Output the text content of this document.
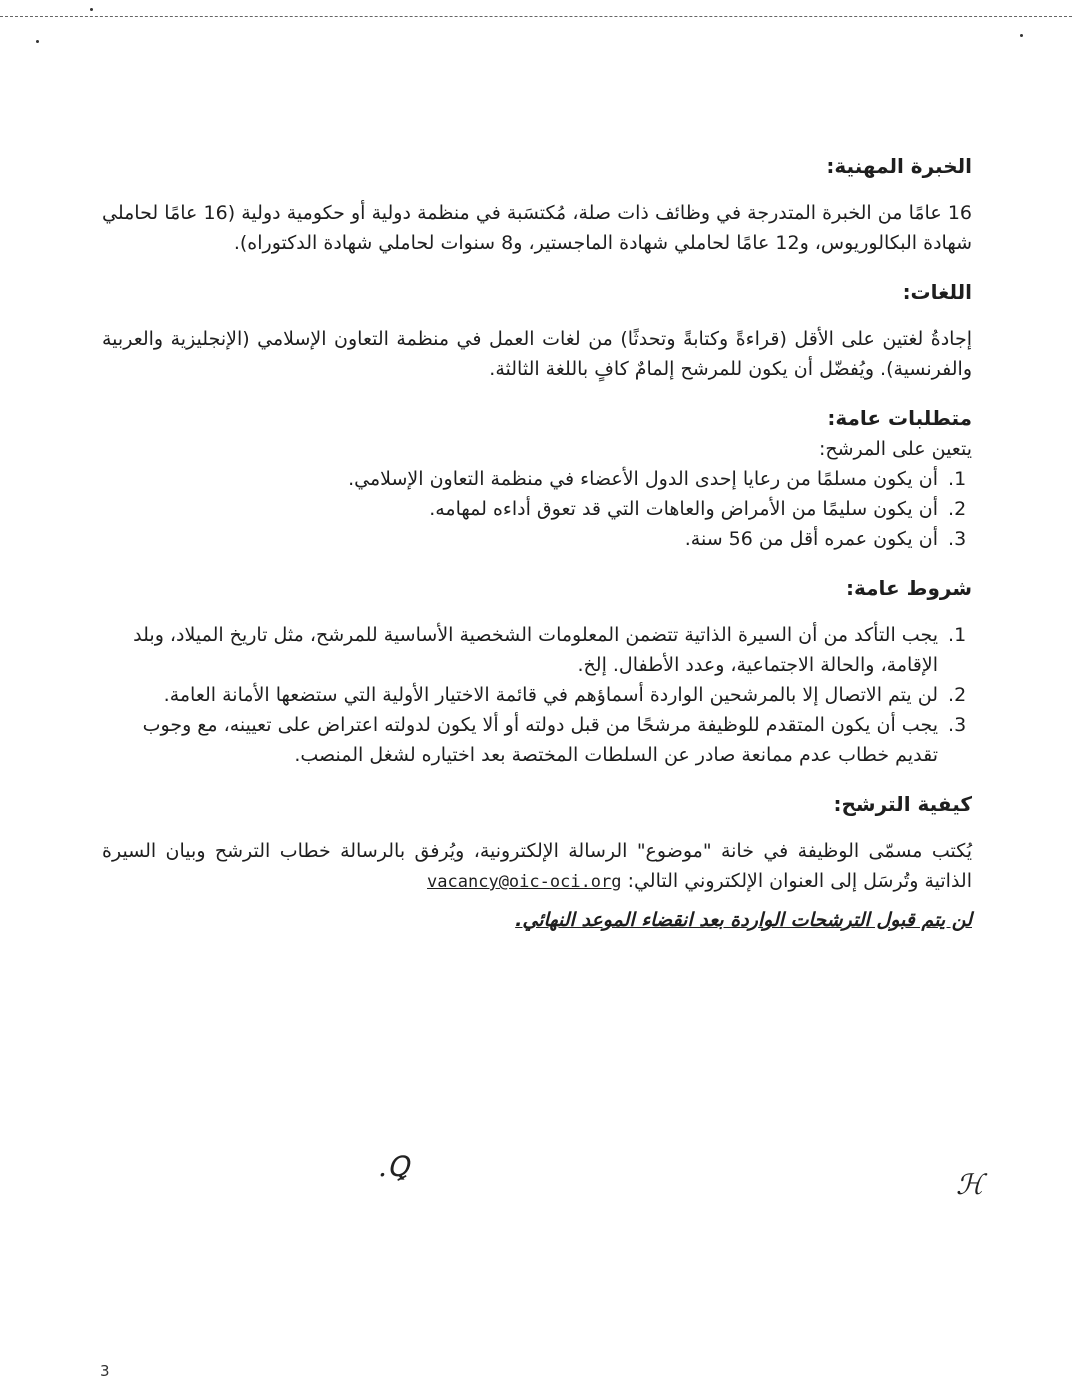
الخبرة المهنية:

16 عامًا من الخبرة المتدرجة في وظائف ذات صلة، مُكتسَبة في منظمة دولية أو حكومية دولية (16 عامًا لحاملي شهادة البكالوريوس، و12 عامًا لحاملي شهادة الماجستير، و8 سنوات لحاملي شهادة الدكتوراه).

اللغات:

إجادةُ لغتين على الأقل (قراءةً وكتابةً وتحدثًا) من لغات العمل في منظمة التعاون الإسلامي (الإنجليزية والعربية والفرنسية). ويُفضّل أن يكون للمرشح إلمامٌ كافٍ باللغة الثالثة.

متطلبات عامة:

يتعين على المرشح:

1. أن يكون مسلمًا من رعايا إحدى الدول الأعضاء في منظمة التعاون الإسلامي.
2. أن يكون سليمًا من الأمراض والعاهات التي قد تعوق أداءه لمهامه.
3. أن يكون عمره أقل من 56 سنة.
شروط عامة:
1. يجب التأكد من أن السيرة الذاتية تتضمن المعلومات الشخصية الأساسية للمرشح، مثل تاريخ الميلاد، وبلد الإقامة، والحالة الاجتماعية، وعدد الأطفال. إلخ.
2. لن يتم الاتصال إلا بالمرشحين الواردة أسماؤهم في قائمة الاختيار الأولية التي ستضعها الأمانة العامة.
3. يجب أن يكون المتقدم للوظيفة مرشحًا من قبل دولته أو ألا يكون لدولته اعتراض على تعيينه، مع وجوب تقديم خطاب عدم ممانعة صادر عن السلطات المختصة بعد اختياره لشغل المنصب.
كيفية الترشح:

يُكتب مسمّى الوظيفة في خانة "موضوع" الرسالة الإلكترونية، ويُرفق بالرسالة خطاب الترشح وبيان السيرة الذاتية وتُرسَل إلى العنوان الإلكتروني التالي: vacancy@oic-oci.org

لن يتم قبول الترشحات الواردة بعد انقضاء الموعد النهائي.

Ꝗ.
ℋ
3
